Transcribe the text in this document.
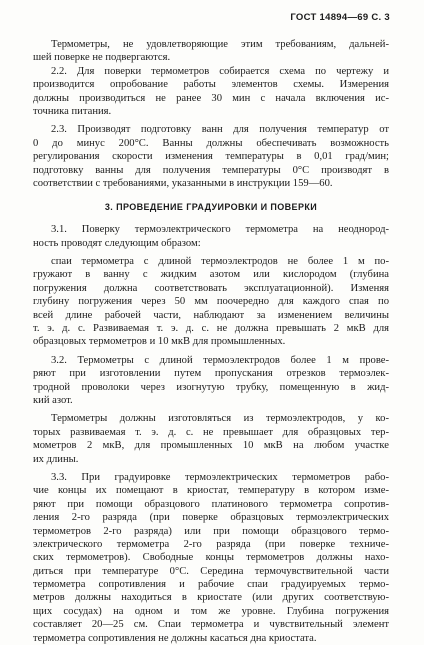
ГОСТ 14894—69 С. 3
Термометры, не удовлетворяющие этим требованиям, дальней-
шей поверке не подвергаются.
2.2. Для поверки термометров собирается схема по чертежу и
производится опробование работы элементов схемы. Измерения
должны производиться не ранее 30 мин с начала включения ис-
точника питания.
2.3. Производят подготовку ванн для получения температур от
0 до минус 200°С. Ванны должны обеспечивать возможность
регулирования скорости изменения температуры в 0,01 град/мин;
подготовку ванны для получения температуры 0°С производят в
соответствии с требованиями, указанными в инструкции 159—60.
3. ПРОВЕДЕНИЕ ГРАДУИРОВКИ И ПОВЕРКИ
3.1. Поверку термоэлектрического термометра на неоднород-
ность проводят следующим образом:
спаи термометра с длиной термоэлектродов не более 1 м по-
гружают в ванну с жидким азотом или кислородом (глубина
погружения должна соответствовать эксплуатационной). Изменяя
глубину погружения через 50 мм поочередно для каждого спая по
всей длине рабочей части, наблюдают за изменением величины
т. э. д. с. Развиваемая т. э. д. с. не должна превышать 2 мкВ для
образцовых термометров и 10 мкВ для промышленных.
3.2. Термометры с длиной термоэлектродов более 1 м прове-
ряют при изготовлении путем пропускания отрезков термоэлек-
тродной проволоки через изогнутую трубку, помещенную в жид-
кий азот.
Термометры должны изготовляться из термоэлектродов, у ко-
торых развиваемая т. э. д. с. не превышает для образцовых тер-
мометров 2 мкВ, для промышленных 10 мкВ на любом участке
их длины.
3.3. При градуировке термоэлектрических термометров рабо-
чие концы их помещают в криостат, температуру в котором изме-
ряют при помощи образцового платинового термометра сопротив-
ления 2-го разряда (при поверке образцовых термоэлектрических
термометров 2-го разряда) или при помощи образцового термо-
электрического термометра 2-го разряда (при поверке техниче-
ских термометров). Свободные концы термометров должны нахо-
диться при температуре 0°С. Середина термочувствительной части
термометра сопротивления и рабочие спаи градуируемых термо-
метров должны находиться в криостате (или других соответствую-
щих сосудах) на одном и том же уровне. Глубина погружения
составляет 20—25 см. Спаи термометра и чувствительный элемент
термометра сопротивления не должны касаться дна криостата.
